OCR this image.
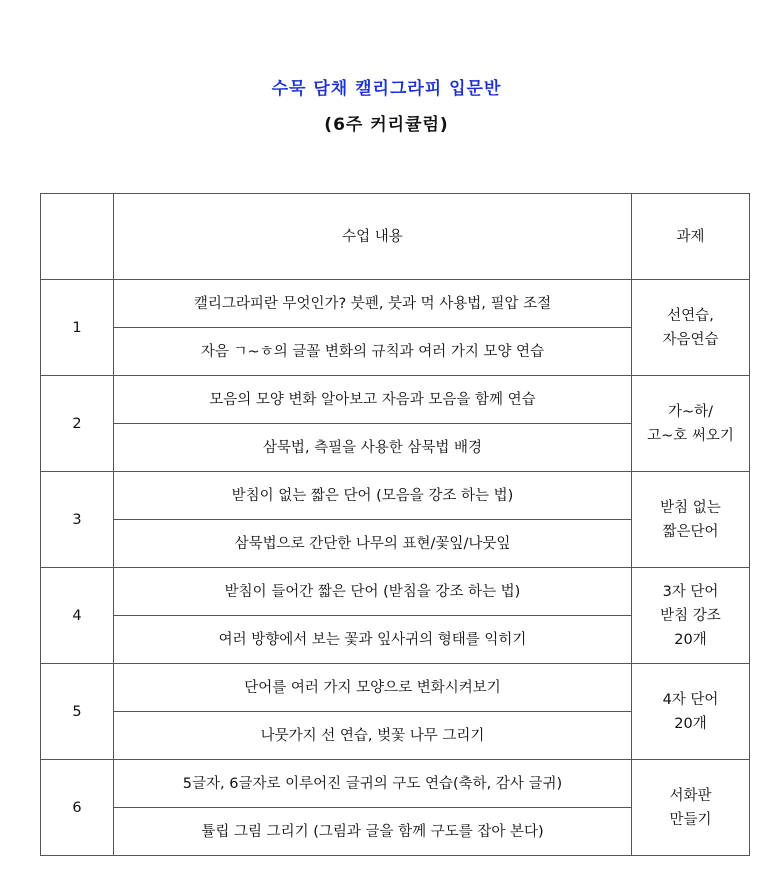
수묵 담채 캘리그라피 입문반
(6주 커리큘럼)
	수업 내용	과제
1	캘리그라피란 무엇인가? 붓펜, 붓과 먹 사용법, 필압 조절	선연습,
자음연습

	자음 ㄱ~ㅎ의 글꼴 변화의 규칙과 여러 가지 모양 연습	
2	모음의 모양 변화 알아보고 자음과 모음을 함께 연습	가~하/
고~호 써오기

	삼묵법, 측필을 사용한 삼묵법 배경	
3	받침이 없는 짧은 단어 (모음을 강조 하는 법)	받침 없는
짧은단어

	삼묵법으로 간단한 나무의 표현/꽃잎/나뭇잎	
4	받침이 들어간 짧은 단어 (받침을 강조 하는 법)	3자 단어
받침 강조
20개

	여러 방향에서 보는 꽃과 잎사귀의 형태를 익히기	
5	단어를 여러 가지 모양으로 변화시켜보기	4자 단어
20개

	나뭇가지 선 연습, 벚꽃 나무 그리기	
6	5글자, 6글자로 이루어진 글귀의 구도 연습(축하, 감사 글귀)	서화판
만들기

	튤립 그림 그리기 (그림과 글을 함께 구도를 잡아 본다)	
